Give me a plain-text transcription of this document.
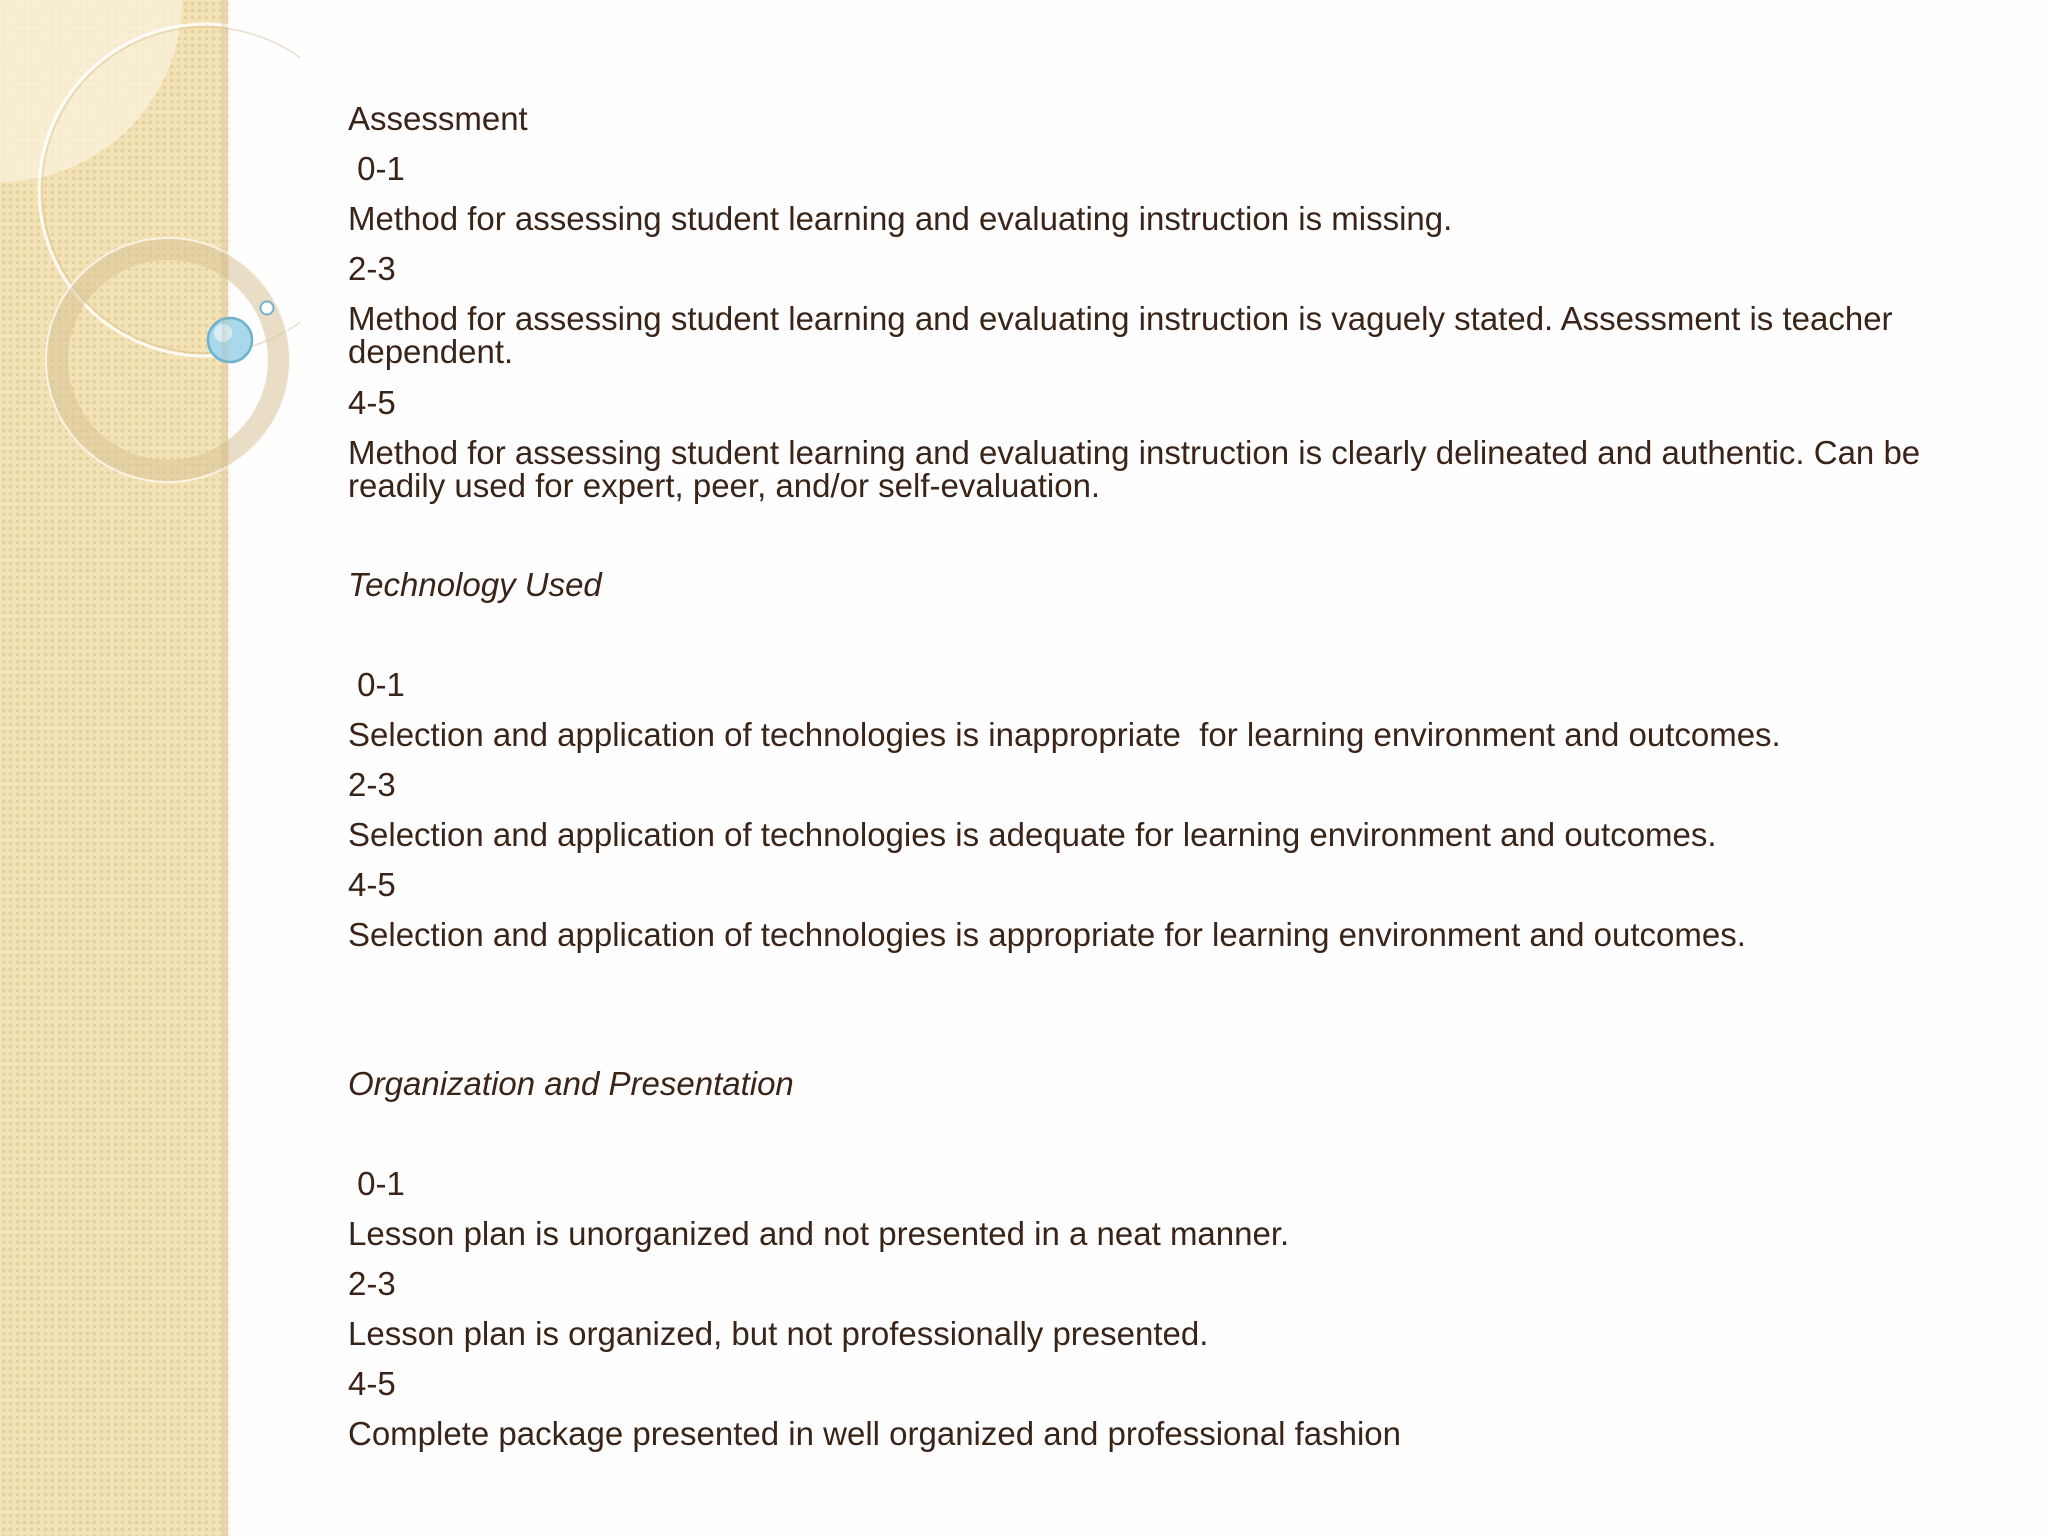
Assessment

0-1

Method for assessing student learning and evaluating instruction is missing.

2-3

Method for assessing student learning and evaluating instruction is vaguely stated. Assessment is teacher dependent.

4-5

Method for assessing student learning and evaluating instruction is clearly delineated and authentic. Can be readily used for expert, peer, and/or self-evaluation.

Technology Used

0-1

Selection and application of technologies is inappropriate  for learning environment and outcomes.

2-3

Selection and application of technologies is adequate for learning environment and outcomes.

4-5

Selection and application of technologies is appropriate for learning environment and outcomes.

Organization and Presentation

0-1

Lesson plan is unorganized and not presented in a neat manner.

2-3

Lesson plan is organized, but not professionally presented.

4-5

Complete package presented in well organized and professional fashion
